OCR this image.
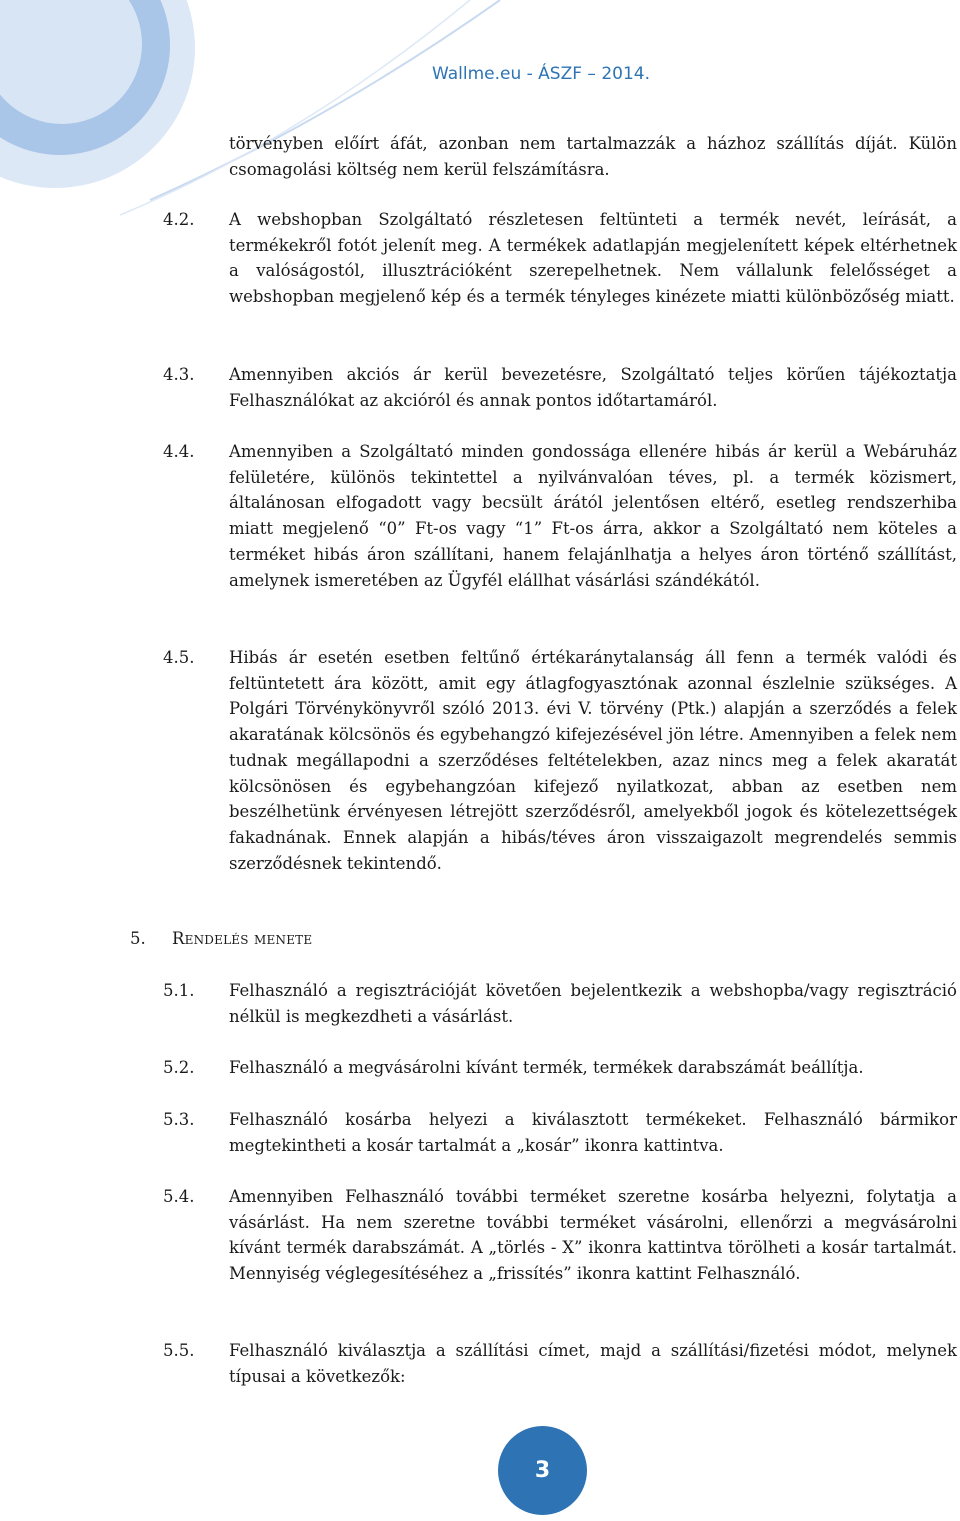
Wallme.eu - ÁSZF – 2014.

törvényben előírt áfát, azonban nem tartalmazzák a házhoz szállítás díját. Külön csomagolási költség nem kerül felszámításra.

4.2. A webshopban Szolgáltató részletesen feltünteti a termék nevét, leírását, a termékekről fotót jelenít meg. A termékek adatlapján megjelenített képek eltérhetnek a valóságostól, illusztrációként szerepelhetnek. Nem vállalunk felelősséget a webshopban megjelenő kép és a termék tényleges kinézete miatti különbözőség miatt.

4.3. Amennyiben akciós ár kerül bevezetésre, Szolgáltató teljes körűen tájékoztatja Felhasználókat az akcióról és annak pontos időtartamáról.

4.4. Amennyiben a Szolgáltató minden gondossága ellenére hibás ár kerül a Webáruház felületére, különös tekintettel a nyilvánvalóan téves, pl. a termék közismert, általánosan elfogadott vagy becsült árától jelentősen eltérő, esetleg rendszerhiba miatt megjelenő “0” Ft-os vagy “1” Ft-os árra, akkor a Szolgáltató nem köteles a terméket hibás áron szállítani, hanem felajánlhatja a helyes áron történő szállítást, amelynek ismeretében az Ügyfél elállhat vásárlási szándékától.

4.5. Hibás ár esetén esetben feltűnő értékaránytalanság áll fenn a termék valódi és feltüntetett ára között, amit egy átlagfogyasztónak azonnal észlelnie szükséges. A Polgári Törvénykönyvről szóló 2013. évi V. törvény (Ptk.) alapján a szerződés a felek akaratának kölcsönös és egybehangzó kifejezésével jön létre. Amennyiben a felek nem tudnak megállapodni a szerződéses feltételekben, azaz nincs meg a felek akaratát kölcsönösen és egybehangzóan kifejező nyilatkozat, abban az esetben nem beszélhetünk érvényesen létrejött szerződésről, amelyekből jogok és kötelezettségek fakadnának. Ennek alapján a hibás/téves áron visszaigazolt megrendelés semmis szerződésnek tekintendő.

5. Rendelés menete
5.1. Felhasználó a regisztrációját követően bejelentkezik a webshopba/vagy regisztráció nélkül is megkezdheti a vásárlást.

5.2. Felhasználó a megvásárolni kívánt termék, termékek darabszámát beállítja.

5.3. Felhasználó kosárba helyezi a kiválasztott termékeket. Felhasználó bármikor megtekintheti a kosár tartalmát a „kosár” ikonra kattintva.

5.4. Amennyiben Felhasználó további terméket szeretne kosárba helyezni, folytatja a vásárlást. Ha nem szeretne további terméket vásárolni, ellenőrzi a megvásárolni kívánt termék darabszámát. A „törlés - X” ikonra kattintva törölheti a kosár tartalmát. Mennyiség véglegesítéséhez a „frissítés” ikonra kattint Felhasználó.

5.5. Felhasználó kiválasztja a szállítási címet, majd a szállítási/fizetési módot, melynek típusai a következők:

3
